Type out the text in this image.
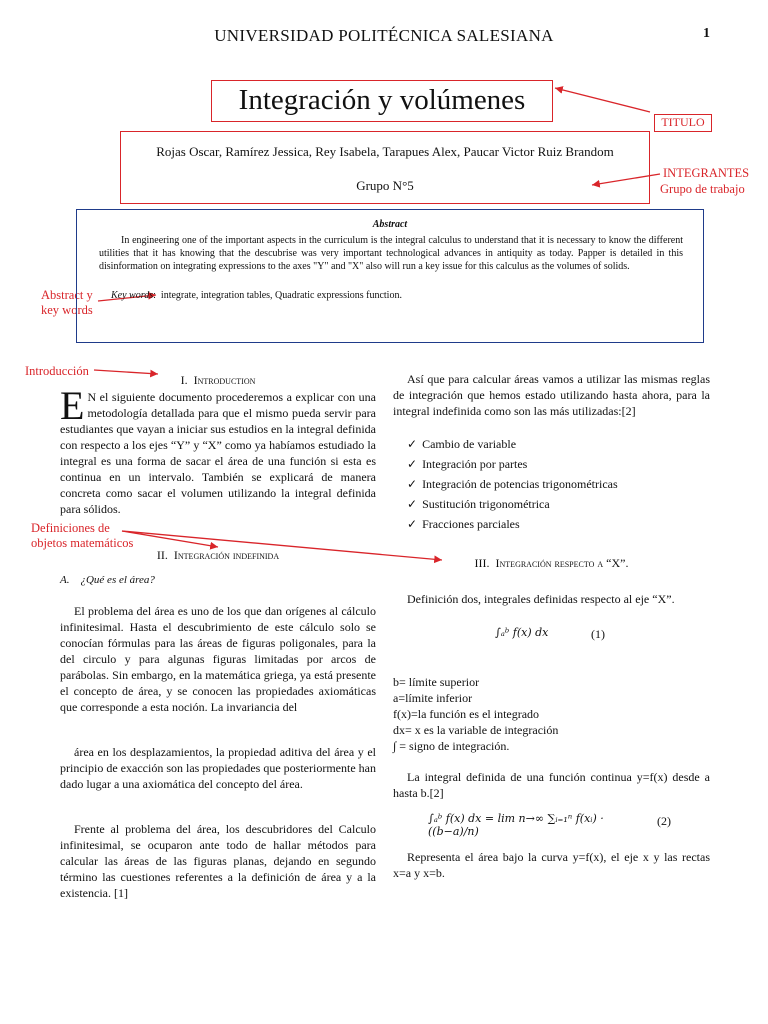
UNIVERSIDAD POLITÉCNICA SALESIANA	1
Integración y volúmenes
Rojas Oscar, Ramírez Jessica, Rey Isabela, Tarapues Alex, Paucar Victor Ruiz Brandom
Grupo N°5
TITULO
INTEGRANTES
Grupo de trabajo
Abstract y
key words
Introducción
Definiciones de
objetos matemáticos
Abstract
In engineering one of the important aspects in the curriculum is the integral calculus to understand that it is necessary to know the different utilities that it has knowing that the descubrise was very important technological advances in antiquity as today. Papper is detailed in this disinformation on integrating expressions to the axes "Y" and "X" also will run a key issue for this calculus as the volumes of solids.
Key words:  integrate, integration tables, Quadratic expressions function.
I. Introduction
E N el siguiente documento procederemos a explicar con una metodología detallada para que el mismo pueda servir para estudiantes que vayan a iniciar sus estudios en la integral definida con respecto a los ejes “Y” y “X” como ya habíamos estudiado la integral es una forma de sacar el área de una función si esta es continua en un intervalo. También se explicará de manera concreta como sacar el volumen utilizando la integral definida para sólidos.
II. Integración indefinida
A. ¿Qué es el área?
El problema del área es uno de los que dan orígenes al cálculo infinitesimal. Hasta el descubrimiento de este cálculo solo se conocían fórmulas para las áreas de figuras poligonales, para la del circulo y para algunas figuras limitadas por arcos de parábolas. Sin embargo, en la matemática griega, ya está presente el concepto de área, y se conocen las propiedades axiomáticas que corresponde a esta noción. La invariancia del
área en los desplazamientos, la propiedad aditiva del área y el principio de exacción son las propiedades que posteriormente han dado lugar a una axiomática del concepto del área.
Frente al problema del área, los descubridores del Calculo infinitesimal, se ocuparon ante todo de hallar métodos para calcular las áreas de las figuras planas, dejando en segundo término las cuestiones referentes a la definición de área y a la existencia. [1]
Así que para calcular áreas vamos a utilizar las mismas reglas de integración que hemos estado utilizando hasta ahora, para la integral indefinida como son las más utilizadas:[2]
✓ Cambio de variable
✓ Integración por partes
✓ Integración de potencias trigonométricas
✓ Sustitución trigonométrica
✓ Fracciones parciales
III. Integración respecto a “X”.
Definición dos, integrales definidas respecto al eje “X”.
∫ₐᵇ f(x) dx	(1)
b= límite superior
a=límite inferior
f(x)=la función es el integrado
dx= x es la variable de integración
∫ = signo de integración.
La integral definida de una función continua y=f(x) desde a hasta b.[2]
∫ₐᵇ f(x) dx = lim n→∞ ∑ᵢ₌₁ⁿ f(xᵢ) · ((b−a)/n)
(2)
Representa el área bajo la curva y=f(x), el eje x y las rectas x=a y x=b.
